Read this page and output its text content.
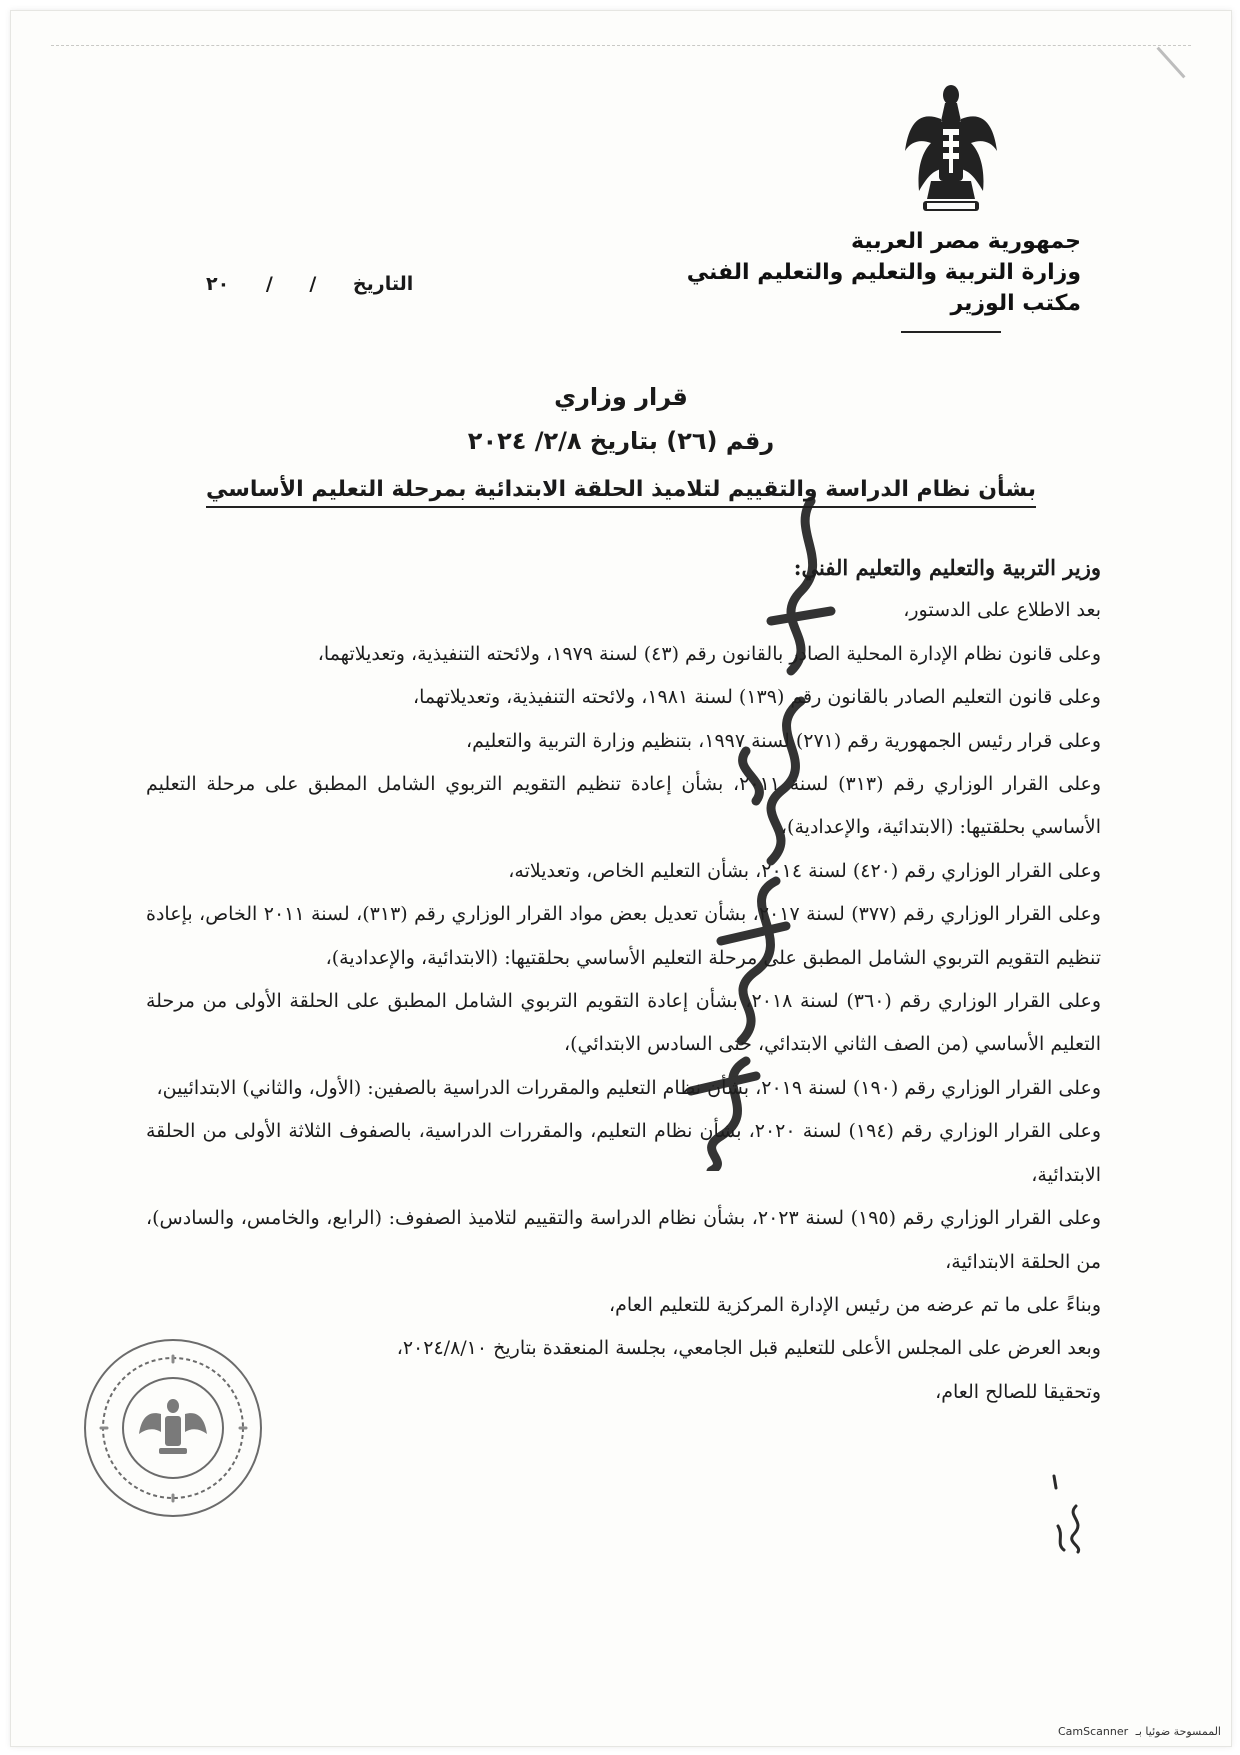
جمهورية مصر العربية
وزارة التربية والتعليم والتعليم الفني
مكتب الوزير
التاريخ / / ٢٠
قرار وزاري
رقم (٢٦) بتاريخ ٢/٨/ ٢٠٢٤
بشأن نظام الدراسة والتقييم لتلاميذ الحلقة الابتدائية بمرحلة التعليم الأساسي

وزير التربية والتعليم والتعليم الفني:

بعد الاطلاع على الدستور،

وعلى قانون نظام الإدارة المحلية الصادر بالقانون رقم (٤٣) لسنة ١٩٧٩، ولائحته التنفيذية، وتعديلاتهما،

وعلى قانون التعليم الصادر بالقانون رقم (١٣٩) لسنة ١٩٨١، ولائحته التنفيذية، وتعديلاتهما،

وعلى قرار رئيس الجمهورية رقم (٢٧١) لسنة ١٩٩٧، بتنظيم وزارة التربية والتعليم،

وعلى القرار الوزاري رقم (٣١٣) لسنة ٢٠١١، بشأن إعادة تنظيم التقويم التربوي الشامل المطبق على مرحلة التعليم الأساسي بحلقتيها: (الابتدائية، والإعدادية)،

وعلى القرار الوزاري رقم (٤٢٠) لسنة ٢٠١٤، بشأن التعليم الخاص، وتعديلاته،

وعلى القرار الوزاري رقم (٣٧٧) لسنة ٢٠١٧، بشأن تعديل بعض مواد القرار الوزاري رقم (٣١٣)، لسنة ٢٠١١ الخاص، بإعادة تنظيم التقويم التربوي الشامل المطبق على مرحلة التعليم الأساسي بحلقتيها: (الابتدائية، والإعدادية)،

وعلى القرار الوزاري رقم (٣٦٠) لسنة ٢٠١٨، بشأن إعادة التقويم التربوي الشامل المطبق على الحلقة الأولى من مرحلة التعليم الأساسي (من الصف الثاني الابتدائي، حتى السادس الابتدائي)،

وعلى القرار الوزاري رقم (١٩٠) لسنة ٢٠١٩، بشأن نظام التعليم والمقررات الدراسية بالصفين: (الأول، والثاني) الابتدائيين،

وعلى القرار الوزاري رقم (١٩٤) لسنة ٢٠٢٠، بشأن نظام التعليم، والمقررات الدراسية، بالصفوف الثلاثة الأولى من الحلقة الابتدائية،

وعلى القرار الوزاري رقم (١٩٥) لسنة ٢٠٢٣، بشأن نظام الدراسة والتقييم لتلاميذ الصفوف: (الرابع، والخامس، والسادس)، من الحلقة الابتدائية،

وبناءً على ما تم عرضه من رئيس الإدارة المركزية للتعليم العام،

وبعد العرض على المجلس الأعلى للتعليم قبل الجامعي، بجلسة المنعقدة بتاريخ ٢٠٢٤/٨/١٠،

وتحقيقا للصالح العام،

CamScanner الممسوحة ضوئيا بـ
